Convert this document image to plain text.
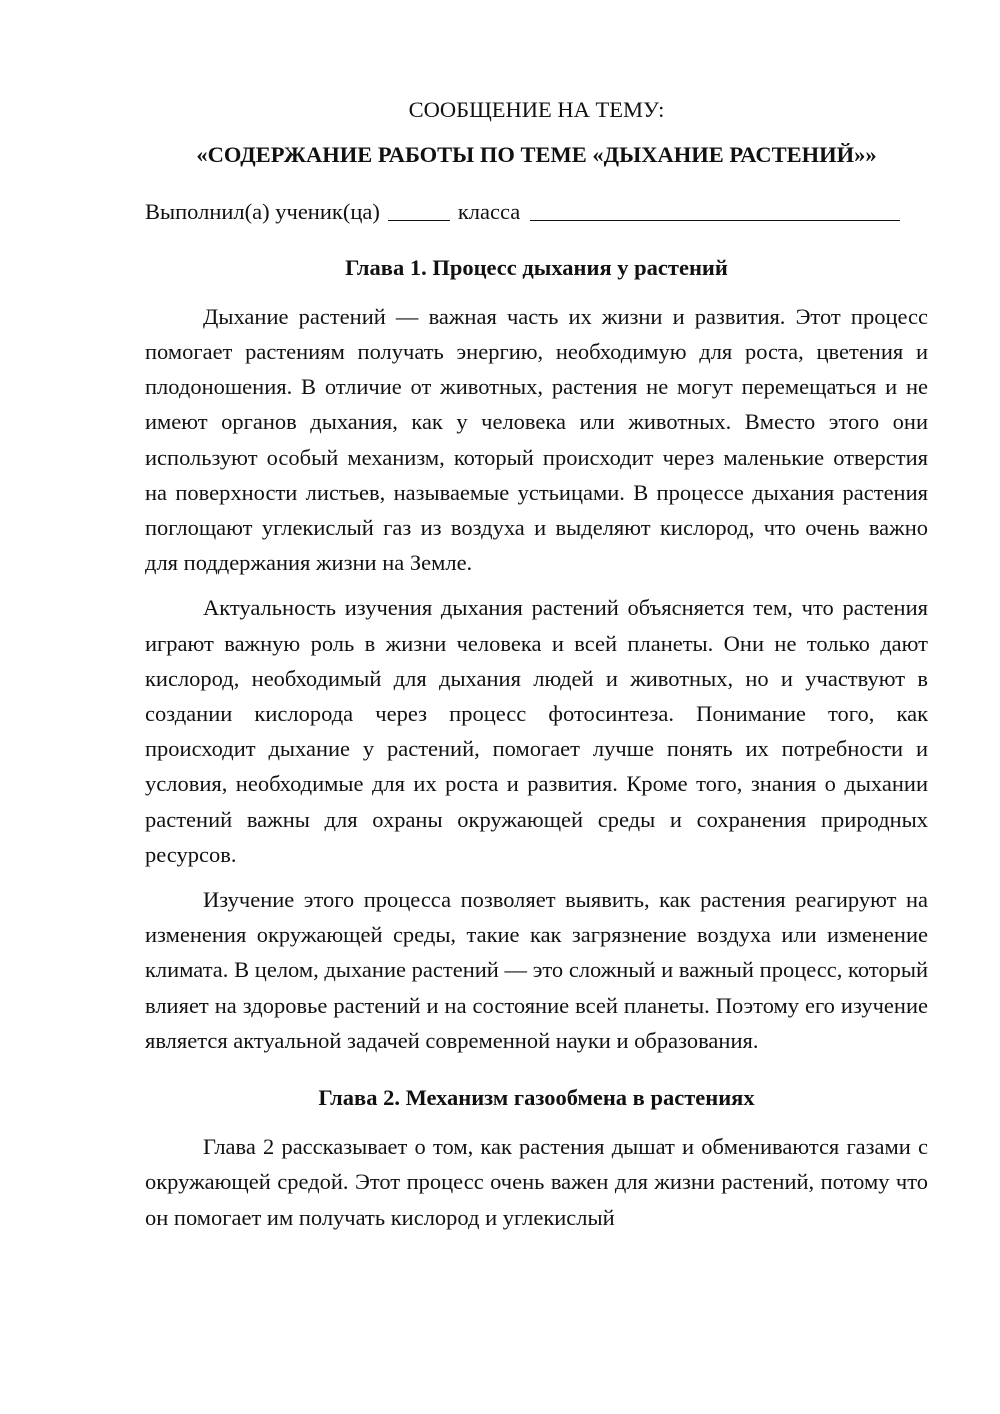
СООБЩЕНИЕ НА ТЕМУ:

«СОДЕРЖАНИЕ РАБОТЫ ПО ТЕМЕ «ДЫХАНИЕ РАСТЕНИЙ»»

Выполнил(а) ученик(ца)	класса

Глава 1. Процесс дыхания у растений

Дыхание растений — важная часть их жизни и развития. Этот процесс помогает растениям получать энергию, необходимую для роста, цветения и плодоношения. В отличие от животных, растения не могут перемещаться и не имеют органов дыхания, как у человека или животных. Вместо этого они используют особый механизм, который происходит через маленькие отверстия на поверхности листьев, называемые устьицами. В процессе дыхания растения поглощают углекислый газ из воздуха и выделяют кислород, что очень важно для поддержания жизни на Земле.

Актуальность изучения дыхания растений объясняется тем, что растения играют важную роль в жизни человека и всей планеты. Они не только дают кислород, необходимый для дыхания людей и животных, но и участвуют в создании кислорода через процесс фотосинтеза. Понимание того, как происходит дыхание у растений, помогает лучше понять их потребности и условия, необходимые для их роста и развития. Кроме того, знания о дыхании растений важны для охраны окружающей среды и сохранения природных ресурсов.

Изучение этого процесса позволяет выявить, как растения реагируют на изменения окружающей среды, такие как загрязнение воздуха или изменение климата. В целом, дыхание растений — это сложный и важный процесс, который влияет на здоровье растений и на состояние всей планеты. Поэтому его изучение является актуальной задачей современной науки и образования.

Глава 2. Механизм газообмена в растениях

Глава 2 рассказывает о том, как растения дышат и обмениваются газами с окружающей средой. Этот процесс очень важен для жизни растений, потому что он помогает им получать кислород и углекислый
